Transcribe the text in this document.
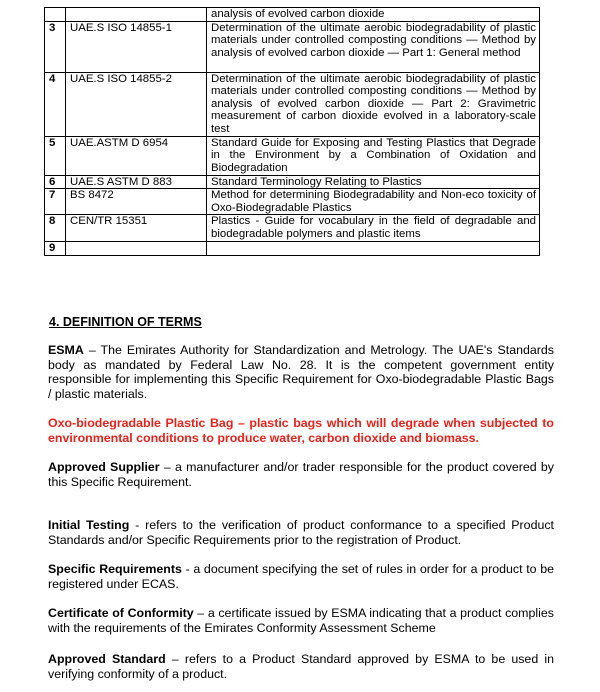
		analysis of evolved carbon dioxide
3	UAE.S ISO 14855-1	Determination of the ultimate aerobic biodegradability of plastic materials under controlled composting conditions — Method by analysis of evolved carbon dioxide — Part 1: General method
4	UAE.S ISO 14855-2	Determination of the ultimate aerobic biodegradability of plastic materials under controlled composting conditions — Method by analysis of evolved carbon dioxide — Part 2: Gravimetric measurement of carbon dioxide evolved in a laboratory-scale test
5	UAE.ASTM D 6954	Standard Guide for Exposing and Testing Plastics that Degrade in the Environment by a Combination of Oxidation and Biodegradation
6	UAE.S ASTM D 883	Standard Terminology Relating to Plastics
7	BS 8472	Method for determining Biodegradability and Non-eco toxicity of Oxo-Biodegradable Plastics
8	CEN/TR 15351	Plastics - Guide for vocabulary in the field of degradable and biodegradable polymers and plastic items
9		
4. DEFINITION OF TERMS

ESMA – The Emirates Authority for Standardization and Metrology. The UAE's Standards body as mandated by Federal Law No. 28. It is the competent government entity responsible for implementing this Specific Requirement for Oxo-biodegradable Plastic Bags / plastic materials.

Oxo-biodegradable Plastic Bag – plastic bags which will degrade when subjected to environmental conditions to produce water, carbon dioxide and biomass.

Approved Supplier – a manufacturer and/or trader responsible for the product covered by this Specific Requirement.

Initial Testing - refers to the verification of product conformance to a specified Product Standards and/or Specific Requirements prior to the registration of Product.

Specific Requirements - a document specifying the set of rules in order for a product to be registered under ECAS.

Certificate of Conformity – a certificate issued by ESMA indicating that a product complies with the requirements of the Emirates Conformity Assessment Scheme

Approved Standard – refers to a Product Standard approved by ESMA to be used in verifying conformity of a product.
